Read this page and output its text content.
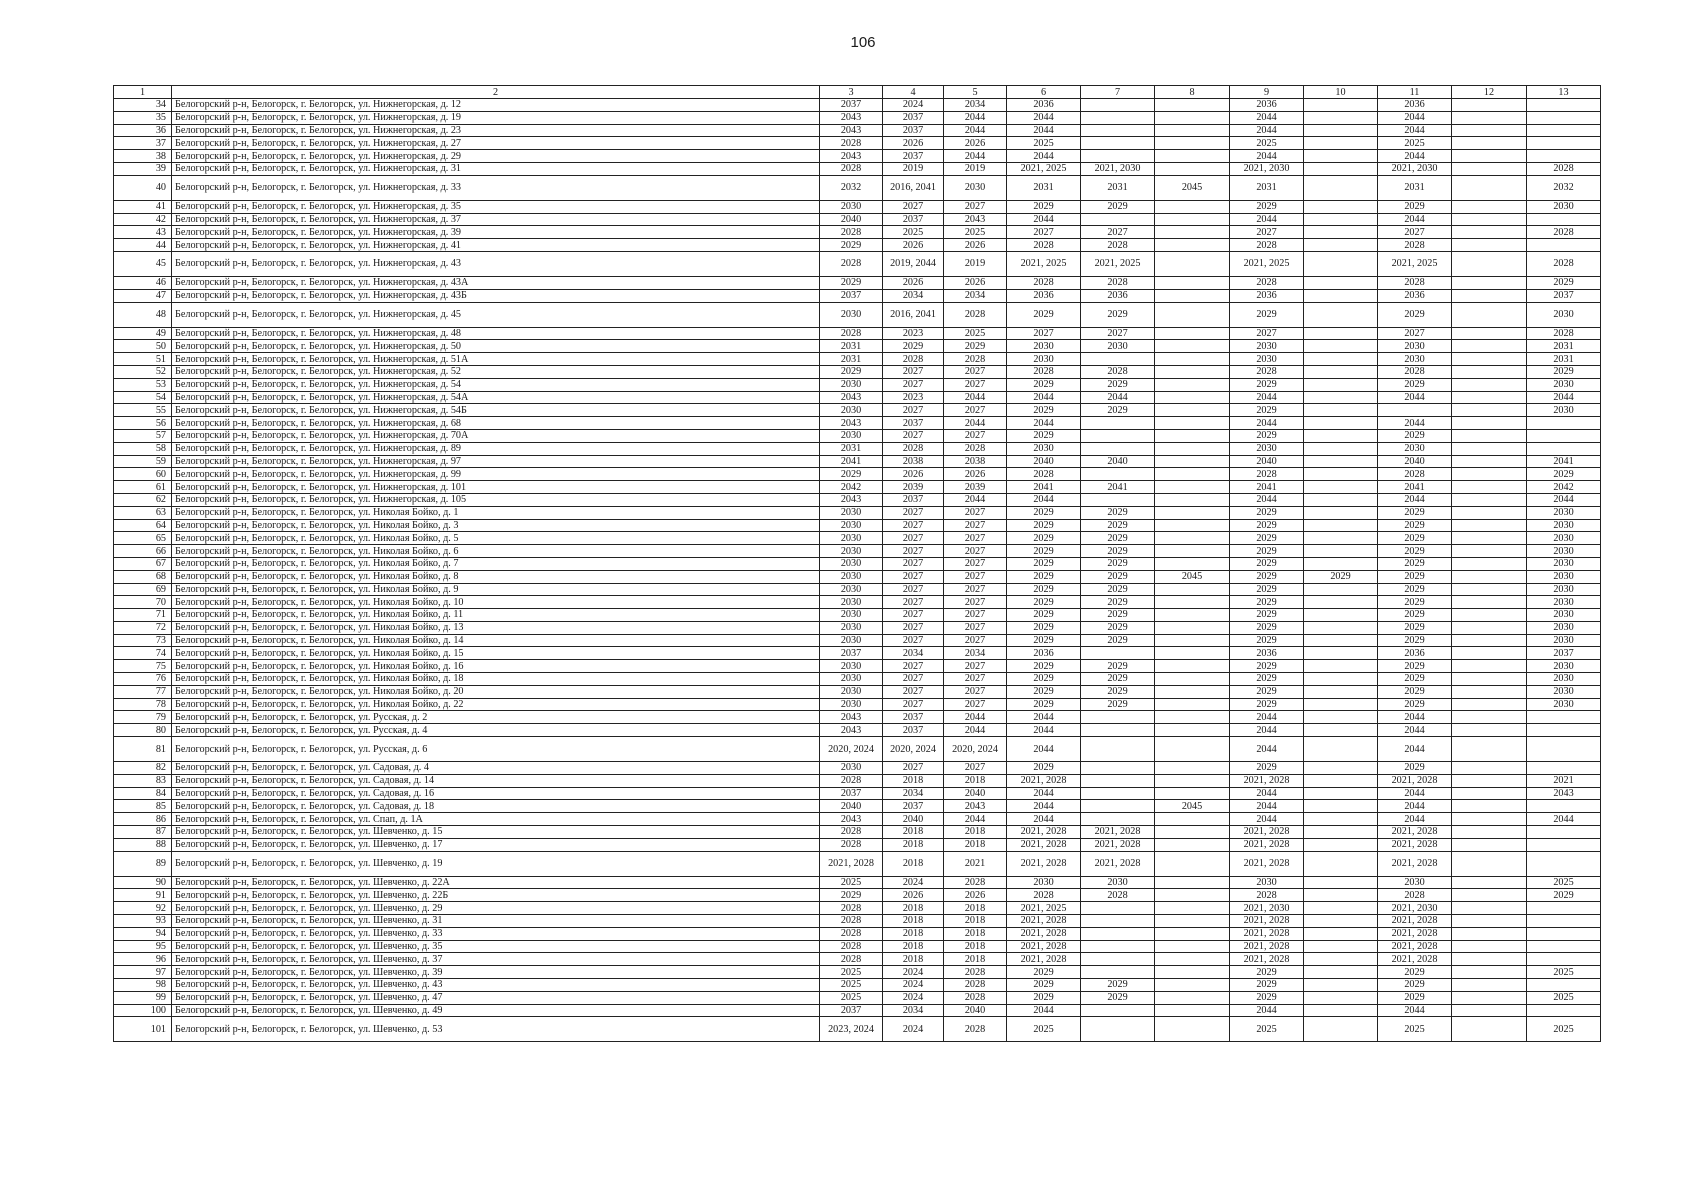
106
1	2	3	4	5	6	7	8	9	10	11	12	13
34	Белогорский р-н, Белогорск, г. Белогорск, ул. Нижнегорская, д. 12	2037	2024	2034	2036			2036		2036		
35	Белогорский р-н, Белогорск, г. Белогорск, ул. Нижнегорская, д. 19	2043	2037	2044	2044			2044		2044		
36	Белогорский р-н, Белогорск, г. Белогорск, ул. Нижнегорская, д. 23	2043	2037	2044	2044			2044		2044		
37	Белогорский р-н, Белогорск, г. Белогорск, ул. Нижнегорская, д. 27	2028	2026	2026	2025			2025		2025		
38	Белогорский р-н, Белогорск, г. Белогорск, ул. Нижнегорская, д. 29	2043	2037	2044	2044			2044		2044		
39	Белогорский р-н, Белогорск, г. Белогорск, ул. Нижнегорская, д. 31	2028	2019	2019	2021, 2025	2021, 2030		2021, 2030		2021, 2030		2028
40	Белогорский р-н, Белогорск, г. Белогорск, ул. Нижнегорская, д. 33	2032	2016, 2041	2030	2031	2031	2045	2031		2031		2032
41	Белогорский р-н, Белогорск, г. Белогорск, ул. Нижнегорская, д. 35	2030	2027	2027	2029	2029		2029		2029		2030
42	Белогорский р-н, Белогорск, г. Белогорск, ул. Нижнегорская, д. 37	2040	2037	2043	2044			2044		2044		
43	Белогорский р-н, Белогорск, г. Белогорск, ул. Нижнегорская, д. 39	2028	2025	2025	2027	2027		2027		2027		2028
44	Белогорский р-н, Белогорск, г. Белогорск, ул. Нижнегорская, д. 41	2029	2026	2026	2028	2028		2028		2028		
45	Белогорский р-н, Белогорск, г. Белогорск, ул. Нижнегорская, д. 43	2028	2019, 2044	2019	2021, 2025	2021, 2025		2021, 2025		2021, 2025		2028
46	Белогорский р-н, Белогорск, г. Белогорск, ул. Нижнегорская, д. 43А	2029	2026	2026	2028	2028		2028		2028		2029
47	Белогорский р-н, Белогорск, г. Белогорск, ул. Нижнегорская, д. 43Б	2037	2034	2034	2036	2036		2036		2036		2037
48	Белогорский р-н, Белогорск, г. Белогорск, ул. Нижнегорская, д. 45	2030	2016, 2041	2028	2029	2029		2029		2029		2030
49	Белогорский р-н, Белогорск, г. Белогорск, ул. Нижнегорская, д. 48	2028	2023	2025	2027	2027		2027		2027		2028
50	Белогорский р-н, Белогорск, г. Белогорск, ул. Нижнегорская, д. 50	2031	2029	2029	2030	2030		2030		2030		2031
51	Белогорский р-н, Белогорск, г. Белогорск, ул. Нижнегорская, д. 51А	2031	2028	2028	2030			2030		2030		2031
52	Белогорский р-н, Белогорск, г. Белогорск, ул. Нижнегорская, д. 52	2029	2027	2027	2028	2028		2028		2028		2029
53	Белогорский р-н, Белогорск, г. Белогорск, ул. Нижнегорская, д. 54	2030	2027	2027	2029	2029		2029		2029		2030
54	Белогорский р-н, Белогорск, г. Белогорск, ул. Нижнегорская, д. 54А	2043	2023	2044	2044	2044		2044		2044		2044
55	Белогорский р-н, Белогорск, г. Белогорск, ул. Нижнегорская, д. 54Б	2030	2027	2027	2029	2029		2029				2030
56	Белогорский р-н, Белогорск, г. Белогорск, ул. Нижнегорская, д. 68	2043	2037	2044	2044			2044		2044		
57	Белогорский р-н, Белогорск, г. Белогорск, ул. Нижнегорская, д. 70А	2030	2027	2027	2029			2029		2029		
58	Белогорский р-н, Белогорск, г. Белогорск, ул. Нижнегорская, д. 89	2031	2028	2028	2030			2030		2030		
59	Белогорский р-н, Белогорск, г. Белогорск, ул. Нижнегорская, д. 97	2041	2038	2038	2040	2040		2040		2040		2041
60	Белогорский р-н, Белогорск, г. Белогорск, ул. Нижнегорская, д. 99	2029	2026	2026	2028			2028		2028		2029
61	Белогорский р-н, Белогорск, г. Белогорск, ул. Нижнегорская, д. 101	2042	2039	2039	2041	2041		2041		2041		2042
62	Белогорский р-н, Белогорск, г. Белогорск, ул. Нижнегорская, д. 105	2043	2037	2044	2044			2044		2044		2044
63	Белогорский р-н, Белогорск, г. Белогорск, ул. Николая Бойко, д. 1	2030	2027	2027	2029	2029		2029		2029		2030
64	Белогорский р-н, Белогорск, г. Белогорск, ул. Николая Бойко, д. 3	2030	2027	2027	2029	2029		2029		2029		2030
65	Белогорский р-н, Белогорск, г. Белогорск, ул. Николая Бойко, д. 5	2030	2027	2027	2029	2029		2029		2029		2030
66	Белогорский р-н, Белогорск, г. Белогорск, ул. Николая Бойко, д. 6	2030	2027	2027	2029	2029		2029		2029		2030
67	Белогорский р-н, Белогорск, г. Белогорск, ул. Николая Бойко, д. 7	2030	2027	2027	2029	2029		2029		2029		2030
68	Белогорский р-н, Белогорск, г. Белогорск, ул. Николая Бойко, д. 8	2030	2027	2027	2029	2029	2045	2029	2029	2029		2030
69	Белогорский р-н, Белогорск, г. Белогорск, ул. Николая Бойко, д. 9	2030	2027	2027	2029	2029		2029		2029		2030
70	Белогорский р-н, Белогорск, г. Белогорск, ул. Николая Бойко, д. 10	2030	2027	2027	2029	2029		2029		2029		2030
71	Белогорский р-н, Белогорск, г. Белогорск, ул. Николая Бойко, д. 11	2030	2027	2027	2029	2029		2029		2029		2030
72	Белогорский р-н, Белогорск, г. Белогорск, ул. Николая Бойко, д. 13	2030	2027	2027	2029	2029		2029		2029		2030
73	Белогорский р-н, Белогорск, г. Белогорск, ул. Николая Бойко, д. 14	2030	2027	2027	2029	2029		2029		2029		2030
74	Белогорский р-н, Белогорск, г. Белогорск, ул. Николая Бойко, д. 15	2037	2034	2034	2036			2036		2036		2037
75	Белогорский р-н, Белогорск, г. Белогорск, ул. Николая Бойко, д. 16	2030	2027	2027	2029	2029		2029		2029		2030
76	Белогорский р-н, Белогорск, г. Белогорск, ул. Николая Бойко, д. 18	2030	2027	2027	2029	2029		2029		2029		2030
77	Белогорский р-н, Белогорск, г. Белогорск, ул. Николая Бойко, д. 20	2030	2027	2027	2029	2029		2029		2029		2030
78	Белогорский р-н, Белогорск, г. Белогорск, ул. Николая Бойко, д. 22	2030	2027	2027	2029	2029		2029		2029		2030
79	Белогорский р-н, Белогорск, г. Белогорск, ул. Русская, д. 2	2043	2037	2044	2044			2044		2044		
80	Белогорский р-н, Белогорск, г. Белогорск, ул. Русская, д. 4	2043	2037	2044	2044			2044		2044		
81	Белогорский р-н, Белогорск, г. Белогорск, ул. Русская, д. 6	2020, 2024	2020, 2024	2020, 2024	2044			2044		2044		
82	Белогорский р-н, Белогорск, г. Белогорск, ул. Садовая, д. 4	2030	2027	2027	2029			2029		2029		
83	Белогорский р-н, Белогорск, г. Белогорск, ул. Садовая, д. 14	2028	2018	2018	2021, 2028			2021, 2028		2021, 2028		2021
84	Белогорский р-н, Белогорск, г. Белогорск, ул. Садовая, д. 16	2037	2034	2040	2044			2044		2044		2043
85	Белогорский р-н, Белогорск, г. Белогорск, ул. Садовая, д. 18	2040	2037	2043	2044		2045	2044		2044		
86	Белогорский р-н, Белогорск, г. Белогорск, ул. Спап, д. 1А	2043	2040	2044	2044			2044		2044		2044
87	Белогорский р-н, Белогорск, г. Белогорск, ул. Шевченко, д. 15	2028	2018	2018	2021, 2028	2021, 2028		2021, 2028		2021, 2028		
88	Белогорский р-н, Белогорск, г. Белогорск, ул. Шевченко, д. 17	2028	2018	2018	2021, 2028	2021, 2028		2021, 2028		2021, 2028		
89	Белогорский р-н, Белогорск, г. Белогорск, ул. Шевченко, д. 19	2021, 2028	2018	2021	2021, 2028	2021, 2028		2021, 2028		2021, 2028		
90	Белогорский р-н, Белогорск, г. Белогорск, ул. Шевченко, д. 22А	2025	2024	2028	2030	2030		2030		2030		2025
91	Белогорский р-н, Белогорск, г. Белогорск, ул. Шевченко, д. 22Б	2029	2026	2026	2028	2028		2028		2028		2029
92	Белогорский р-н, Белогорск, г. Белогорск, ул. Шевченко, д. 29	2028	2018	2018	2021, 2025			2021, 2030		2021, 2030		
93	Белогорский р-н, Белогорск, г. Белогорск, ул. Шевченко, д. 31	2028	2018	2018	2021, 2028			2021, 2028		2021, 2028		
94	Белогорский р-н, Белогорск, г. Белогорск, ул. Шевченко, д. 33	2028	2018	2018	2021, 2028			2021, 2028		2021, 2028		
95	Белогорский р-н, Белогорск, г. Белогорск, ул. Шевченко, д. 35	2028	2018	2018	2021, 2028			2021, 2028		2021, 2028		
96	Белогорский р-н, Белогорск, г. Белогорск, ул. Шевченко, д. 37	2028	2018	2018	2021, 2028			2021, 2028		2021, 2028		
97	Белогорский р-н, Белогорск, г. Белогорск, ул. Шевченко, д. 39	2025	2024	2028	2029			2029		2029		2025
98	Белогорский р-н, Белогорск, г. Белогорск, ул. Шевченко, д. 43	2025	2024	2028	2029	2029		2029		2029		
99	Белогорский р-н, Белогорск, г. Белогорск, ул. Шевченко, д. 47	2025	2024	2028	2029	2029		2029		2029		2025
100	Белогорский р-н, Белогорск, г. Белогорск, ул. Шевченко, д. 49	2037	2034	2040	2044			2044		2044		
101	Белогорский р-н, Белогорск, г. Белогорск, ул. Шевченко, д. 53	2023, 2024	2024	2028	2025			2025		2025		2025
